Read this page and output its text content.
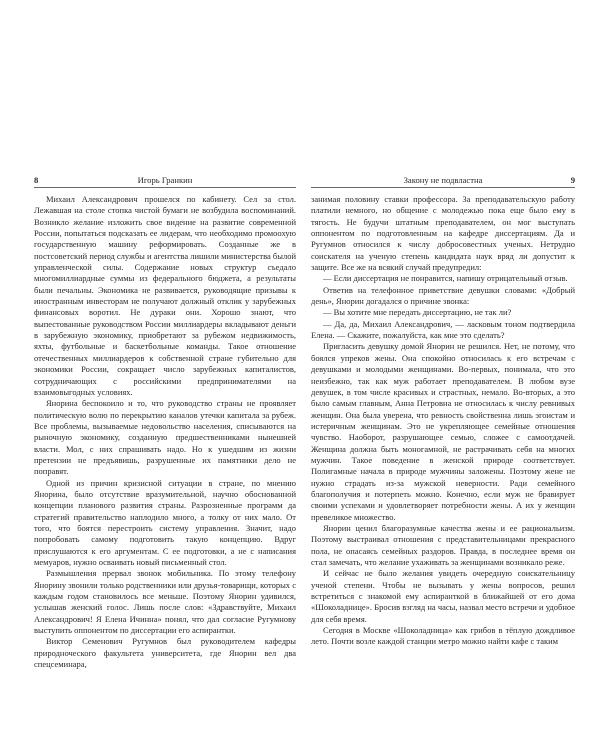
8	Игорь Гранкин

Михаил Александрович прошелся по кабинету. Сел за стол. Лежавшая на столе стопка чистой бумаги не возбудила воспоминаний. Возникло желание изложить свое видение на развитие современной России, попытаться подсказать ее лидерам, что необходимо промоохую государственную машину реформировать. Созданные же в постсоветский период службы и агентства лишили министерства былой управленческой силы. Содержание новых структур съедало многомиллиардные суммы из федерального бюджета, а результаты были печальны. Экономика не развивается, руководящие призывы к иностранным инвесторам не получают должный отклик у зарубежных финансовых воротил. Не дураки они. Хорошо знают, что выпестованные руководством России миллиардеры вкладывают деньги в зарубежную экономику, приобретают за рубежом недвижимость, яхты, футбольные и баскетбольные команды. Такое отношение отечественных миллиардеров к собственной стране губительно для экономики России, сокращает число зарубежных капиталистов, сотрудничающих с российскими предпринимателями на взаимовыгодных условиях.

Янорина беспокоило и то, что руководство страны не проявляет политическую волю по перекрытию каналов утечки капитала за рубеж. Все проблемы, вызываемые недовольство населения, списываются на рыночную экономику, созданную предшественниками нынешней власти. Мол, с них спрашивать надо. Но к ушедшим из жизни претензии не предъявишь, разрушенные их памятники дело не поправят.

Одной из причин кризисной ситуации в стране, по мнению Янорина, было отсутствие вразумительной, научно обоснованной концепции планового развития страны. Разрозненные программ да стратегий правительство наплодило много, а толку от них мало. От того, что боятся перестроить систему управления. Значит, надо попробовать самому подготовить такую концепцию. Вдруг прислушаются к его аргументам. С ее подготовки, а не с написания мемуаров, нужно осваивать новый письменный стол.

Размышления прервал звонок мобильника. По этому телефону Янорину звонили только родственники или друзья-товарищи, которых с каждым годом становилось все меньше. Поэтому Янорин удивился, услышав женский голос. Лишь после слов: «Здравствуйте, Михаил Александрович! Я Елена Ичинна» понял, что дал согласие Ругумнову выступить оппонентом по диссертации его аспирантки.

Виктор Семенович Ругумнов был руководителем кафедры природноческого факультета университета, где Янорин вел два спецсеминара,

Закону не подвластна	9

занимая половину ставки профессора. За преподавательскую работу платили немного, но общение с молодежью пока еще было ему в тягость. Не будучи штатным преподавателем, он мог выступать оппонентом по подготовленным на кафедре диссертациям. Да и Ругумнов относился к числу добросовестных ученых. Нетрудно соискателя на ученую степень кандидата наук вряд ли допустит к защите. Все же на всякий случай предупредил:

— Если диссертация не понравится, напишу отрицательный отзыв.

Ответив на телефонное приветствие девушки словами: «Добрый день», Янорин догадался о причине звонка:

— Вы хотите мне передать диссертацию, не так ли?

— Да, да, Михаил Александрович, — ласковым тоном подтвердила Елена. — Скажите, пожалуйста, как мне это сделать?

Пригласить девушку домой Янорин не решился. Нет, не потому, что боялся упреков жены. Она спокойно относилась к его встречам с девушками и молодыми женщинами. Во-первых, понимала, что это неизбежно, так как муж работает преподавателем. В любом вузе девушек, в том числе красивых и страстных, немало. Во-вторых, а это было самым главным, Анна Петровна не относилась к числу ревнивых женщин. Она была уверена, что ревность свойственна лишь эгоистам и истеричным женщинам. Это не укрепляющее семейные отношения чувство. Наоборот, разрушающее семью, сложее с самоотдачей. Женщина должна быть моногамной, не растрачивать себя на многих мужчин. Такое поведение в женской природе соответствует. Полигамные начала в природе мужчины заложены. Поэтому жене не нужно страдать из-за мужской неверности. Ради семейного благополучия и потерпеть можно. Конечно, если муж не бравирует своими успехами и удовлетворяет потребности жены. А их у женщин превеликое множество.

Янорин ценил благоразумные качества жены и ее рациональизм. Поэтому выстраивал отношения с представительницами прекрасного пола, не опасаясь семейных раздоров. Правда, в последнее время он стал замечать, что желание ухаживать за женщинами возникало реже.

И сейчас не было желания увидеть очередную соискательницу ученой степени. Чтобы не вызывать у жены вопросов, решил встретиться с знакомой ему аспиранткой в ближайшей от его дома «Шоколаднице». Бросив взгляд на часы, назвал место встречи и удобное для себя время.

Сегодня в Москве «Шоколадница» как грибов в тёплую дождливое лето. Почти возле каждой станции метро можно найти кафе с таким
